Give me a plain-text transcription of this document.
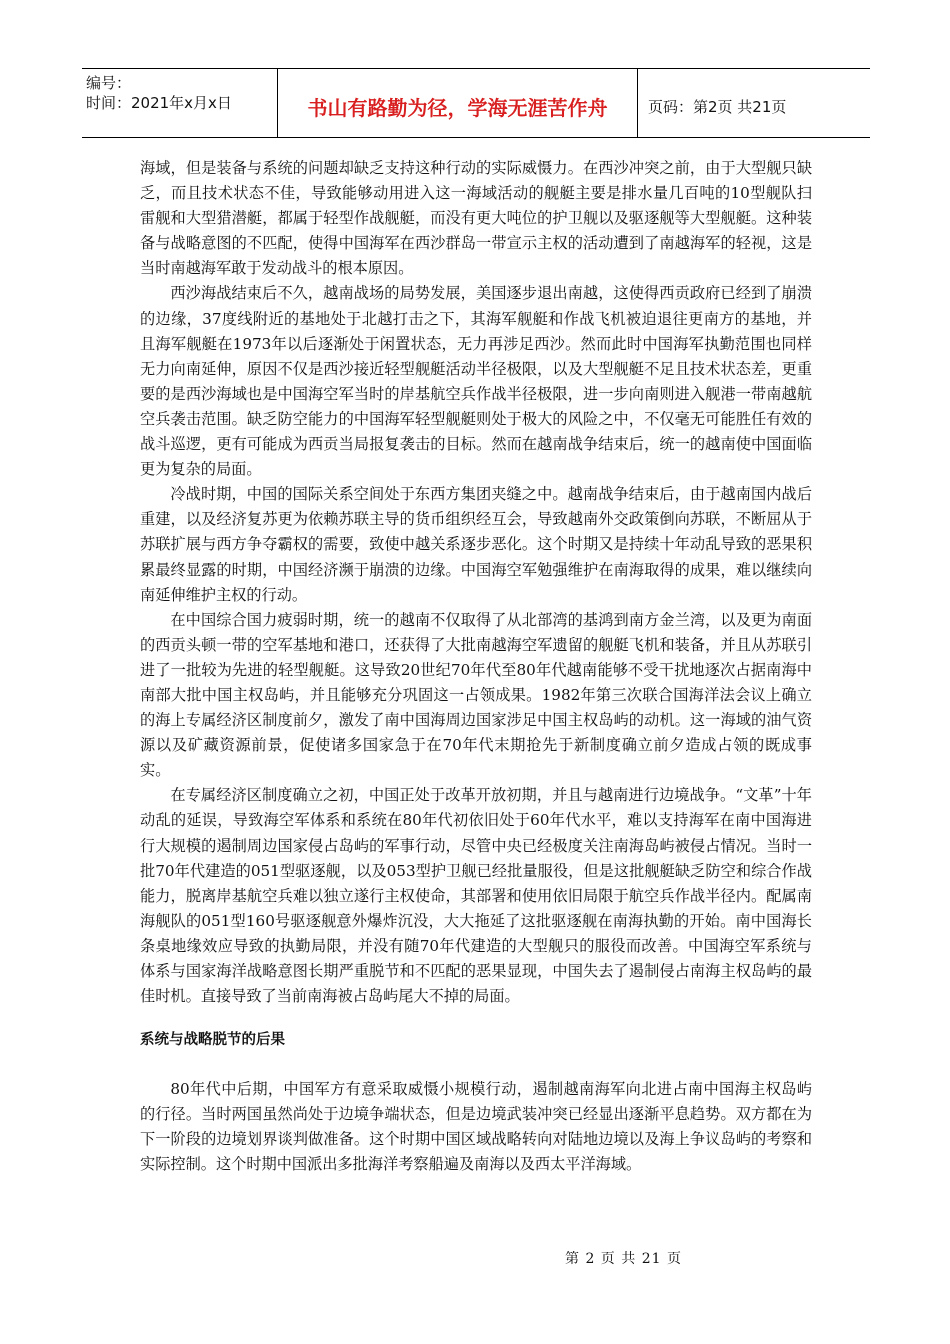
编号：
时间：2021年x月x日	书山有路勤为径，学海无涯苦作舟	页码：第2页 共21页

海域，但是装备与系统的问题却缺乏支持这种行动的实际威慑力。在西沙冲突之前，由于大型舰只缺乏，而且技术状态不佳，导致能够动用进入这一海域活动的舰艇主要是排水量几百吨的10型舰队扫雷舰和大型猎潜艇，都属于轻型作战舰艇，而没有更大吨位的护卫舰以及驱逐舰等大型舰艇。这种装备与战略意图的不匹配，使得中国海军在西沙群岛一带宣示主权的活动遭到了南越海军的轻视，这是当时南越海军敢于发动战斗的根本原因。

西沙海战结束后不久，越南战场的局势发展，美国逐步退出南越，这使得西贡政府已经到了崩溃的边缘，37度线附近的基地处于北越打击之下，其海军舰艇和作战飞机被迫退往更南方的基地，并且海军舰艇在1973年以后逐渐处于闲置状态，无力再涉足西沙。然而此时中国海军执勤范围也同样无力向南延伸，原因不仅是西沙接近轻型舰艇活动半径极限，以及大型舰艇不足且技术状态差，更重要的是西沙海域也是中国海空军当时的岸基航空兵作战半径极限，进一步向南则进入舰港一带南越航空兵袭击范围。缺乏防空能力的中国海军轻型舰艇则处于极大的风险之中，不仅毫无可能胜任有效的战斗巡逻，更有可能成为西贡当局报复袭击的目标。然而在越南战争结束后，统一的越南使中国面临更为复杂的局面。

冷战时期，中国的国际关系空间处于东西方集团夹缝之中。越南战争结束后，由于越南国内战后重建，以及经济复苏更为依赖苏联主导的货币组织经互会，导致越南外交政策倒向苏联，不断屈从于苏联扩展与西方争夺霸权的需要，致使中越关系逐步恶化。这个时期又是持续十年动乱导致的恶果积累最终显露的时期，中国经济濒于崩溃的边缘。中国海空军勉强维护在南海取得的成果，难以继续向南延伸维护主权的行动。

在中国综合国力疲弱时期，统一的越南不仅取得了从北部湾的基鸿到南方金兰湾，以及更为南面的西贡头顿一带的空军基地和港口，还获得了大批南越海空军遗留的舰艇飞机和装备，并且从苏联引进了一批较为先进的轻型舰艇。这导致20世纪70年代至80年代越南能够不受干扰地逐次占据南海中南部大批中国主权岛屿，并且能够充分巩固这一占领成果。1982年第三次联合国海洋法会议上确立的海上专属经济区制度前夕，激发了南中国海周边国家涉足中国主权岛屿的动机。这一海域的油气资源以及矿藏资源前景，促使诸多国家急于在70年代末期抢先于新制度确立前夕造成占领的既成事实。

在专属经济区制度确立之初，中国正处于改革开放初期，并且与越南进行边境战争。“文革”十年动乱的延误，导致海空军体系和系统在80年代初依旧处于60年代水平，难以支持海军在南中国海进行大规模的遏制周边国家侵占岛屿的军事行动，尽管中央已经极度关注南海岛屿被侵占情况。当时一批70年代建造的051型驱逐舰，以及053型护卫舰已经批量服役，但是这批舰艇缺乏防空和综合作战能力，脱离岸基航空兵难以独立遂行主权使命，其部署和使用依旧局限于航空兵作战半径内。配属南海舰队的051型160号驱逐舰意外爆炸沉没，大大拖延了这批驱逐舰在南海执勤的开始。南中国海长条桌地缘效应导致的执勤局限，并没有随70年代建造的大型舰只的服役而改善。中国海空军系统与体系与国家海洋战略意图长期严重脱节和不匹配的恶果显现，中国失去了遏制侵占南海主权岛屿的最佳时机。直接导致了当前南海被占岛屿尾大不掉的局面。

系统与战略脱节的后果

80年代中后期，中国军方有意采取威慑小规模行动，遏制越南海军向北进占南中国海主权岛屿的行径。当时两国虽然尚处于边境争端状态，但是边境武装冲突已经显出逐渐平息趋势。双方都在为下一阶段的边境划界谈判做准备。这个时期中国区域战略转向对陆地边境以及海上争议岛屿的考察和实际控制。这个时期中国派出多批海洋考察船遍及南海以及西太平洋海域。

第 2 页 共 21 页
